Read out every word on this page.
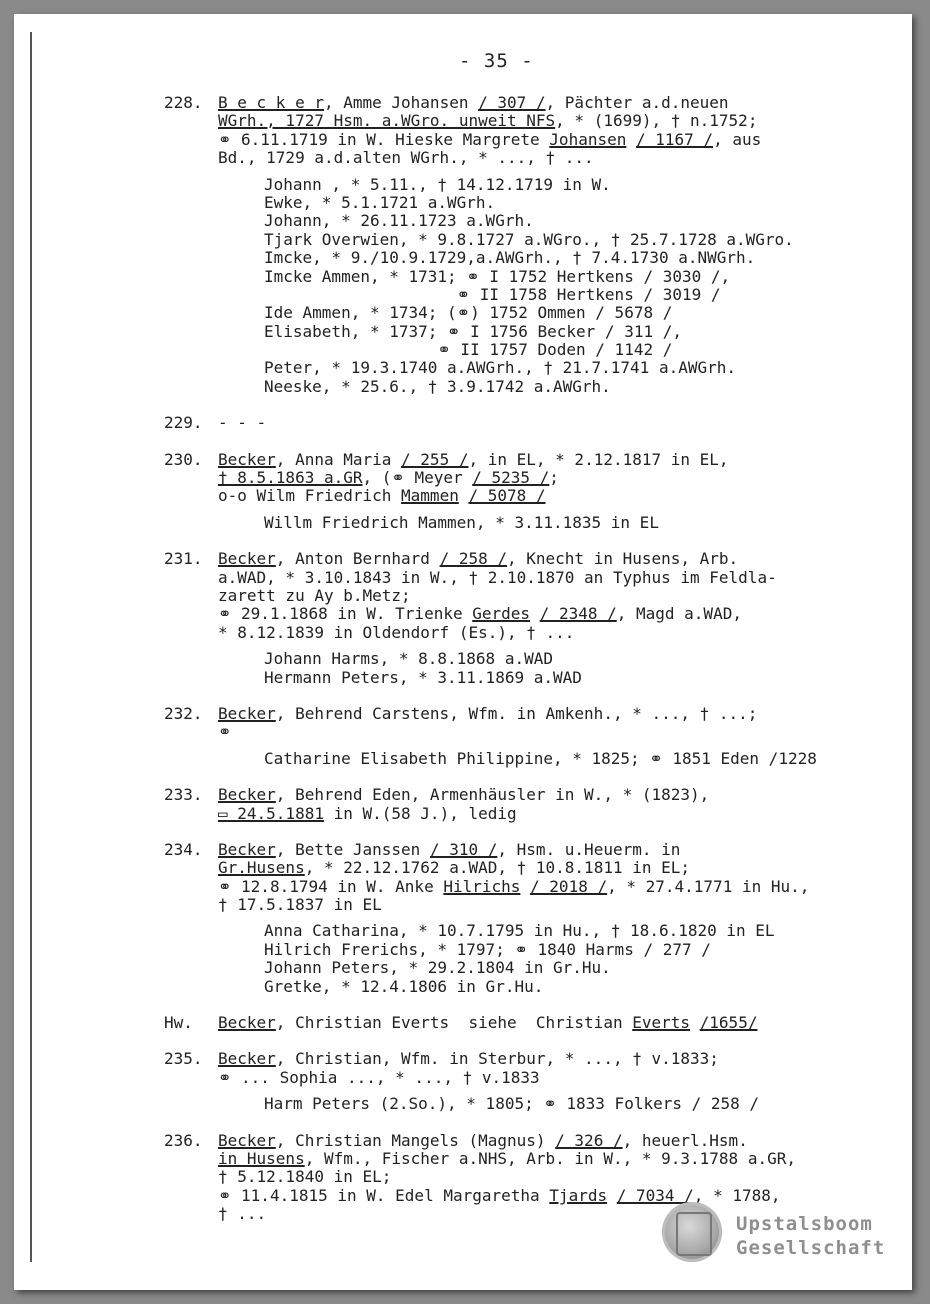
- 35 -
228. B e c k e r, Amme Johansen / 307 /, Pächter a.d.neuen
WGrh., 1727 Hsm. a.WGro. unweit NFS, * (1699), † n.1752;
⚭ 6.11.1719 in W. Hieske Margrete Johansen / 1167 /, aus
Bd., 1729 a.d.alten WGrh., * ..., † ...
Johann , * 5.11., † 14.12.1719 in W.
Ewke, * 5.1.1721 a.WGrh.
Johann, * 26.11.1723 a.WGrh.
Tjark Overwien, * 9.8.1727 a.WGro., † 25.7.1728 a.WGro.
Imcke, * 9./10.9.1729,a.AWGrh., † 7.4.1730 a.NWGrh.
Imcke Ammen, * 1731; ⚭ I 1752 Hertkens / 3030 /,
⚭ II 1758 Hertkens / 3019 /
Ide Ammen, * 1734; (⚭) 1752 Ommen / 5678 /
Elisabeth, * 1737; ⚭ I 1756 Becker / 311 /,
⚭ II 1757 Doden / 1142 /
Peter, * 19.3.1740 a.AWGrh., † 21.7.1741 a.AWGrh.
Neeske, * 25.6., † 3.9.1742 a.AWGrh.
229. - - -
230. Becker, Anna Maria / 255 /, in EL, * 2.12.1817 in EL,
† 8.5.1863 a.GR, (⚭ Meyer / 5235 /;
o-o Wilm Friedrich Mammen / 5078 /
Willm Friedrich Mammen, * 3.11.1835 in EL
231. Becker, Anton Bernhard / 258 /, Knecht in Husens, Arb.
a.WAD, * 3.10.1843 in W., † 2.10.1870 an Typhus im Feldla-
zarett zu Ay b.Metz;
⚭ 29.1.1868 in W. Trienke Gerdes / 2348 /, Magd a.WAD,
* 8.12.1839 in Oldendorf (Es.), † ...
Johann Harms, * 8.8.1868 a.WAD
Hermann Peters, * 3.11.1869 a.WAD
232. Becker, Behrend Carstens, Wfm. in Amkenh., * ..., † ...;
⚭
Catharine Elisabeth Philippine, * 1825; ⚭ 1851 Eden /1228
233. Becker, Behrend Eden, Armenhäusler in W., * (1823),
▭ 24.5.1881 in W.(58 J.), ledig
234. Becker, Bette Janssen / 310 /, Hsm. u.Heuerm. in
Gr.Husens, * 22.12.1762 a.WAD, † 10.8.1811 in EL;
⚭ 12.8.1794 in W. Anke Hilrichs / 2018 /, * 27.4.1771 in Hu.,
† 17.5.1837 in EL
Anna Catharina, * 10.7.1795 in Hu., † 18.6.1820 in EL
Hilrich Frerichs, * 1797; ⚭ 1840 Harms / 277 /
Johann Peters, * 29.2.1804 in Gr.Hu.
Gretke, * 12.4.1806 in Gr.Hu.
Hw. Becker, Christian Everts  siehe  Christian Everts /1655/
235. Becker, Christian, Wfm. in Sterbur, * ..., † v.1833;
⚭ ... Sophia ..., * ..., † v.1833
Harm Peters (2.So.), * 1805; ⚭ 1833 Folkers / 258 /
236. Becker, Christian Mangels (Magnus) / 326 /, heuerl.Hsm.
in Husens, Wfm., Fischer a.NHS, Arb. in W., * 9.3.1788 a.GR,
† 5.12.1840 in EL;
⚭ 11.4.1815 in W. Edel Margaretha Tjards / 7034 /, * 1788,
† ...	Upstalsboom
Gesellschaft
